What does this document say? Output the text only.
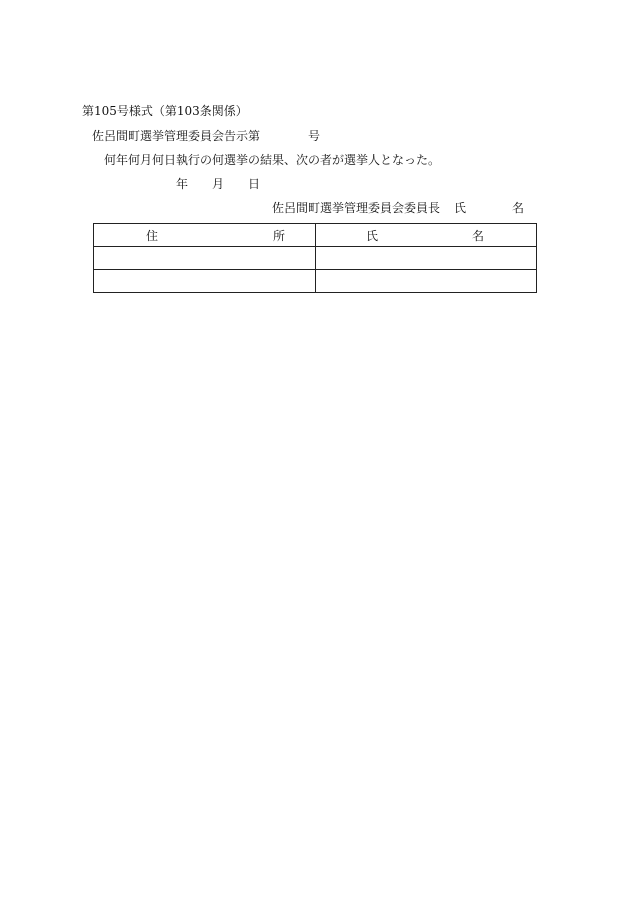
第105号様式（第103条関係）
佐呂間町選挙管理委員会告示第	号
何年何月何日執行の何選挙の結果、次の者が選挙人となった。
年 月 日
佐呂間町選挙管理委員会委員長 氏	名
住 所	氏 名
